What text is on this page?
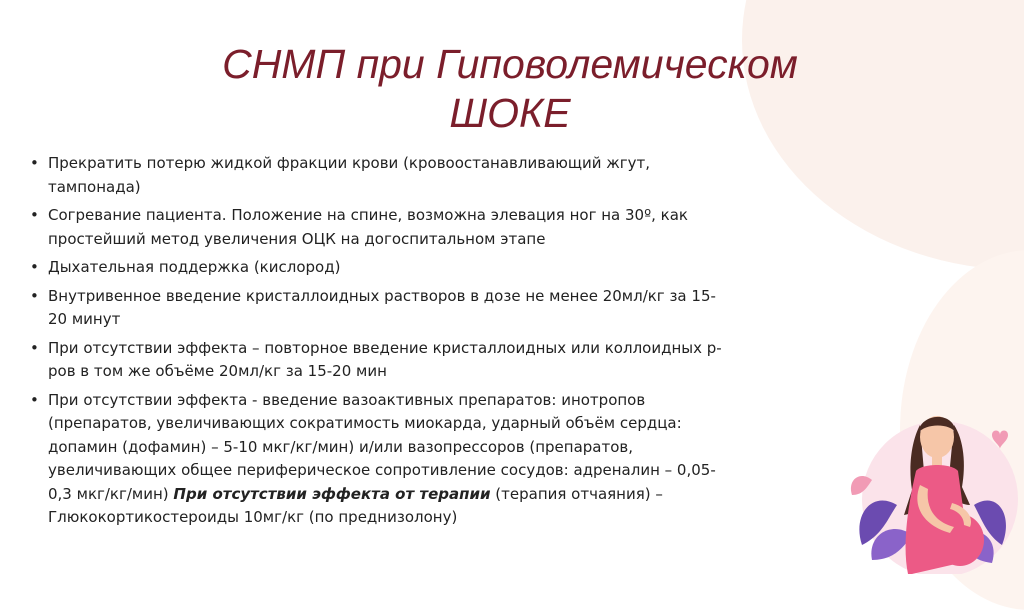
СНМП при Гиповолемическом
ШОКЕ
• Прекратить потерю жидкой фракции крови (кровоостанавливающий жгут, тампонада)
• Согревание пациента. Положение на спине, возможна элевация ног на 30º, как простейший метод увеличения ОЦК на догоспитальном этапе
• Дыхательная поддержка (кислород)
• Внутривенное введение кристаллоидных растворов в дозе не менее 20мл/кг за 15-20 минут
• При отсутствии эффекта – повторное введение кристаллоидных или коллоидных р-ров в том же объёме 20мл/кг за 15-20 мин
• При отсутствии эффекта - введение вазоактивных препаратов: инотропов (препаратов, увеличивающих сократимость миокарда, ударный объём сердца: допамин (дофамин) – 5-10 мкг/кг/мин) и/или вазопрессоров (препаратов, увеличивающих общее периферическое сопротивление сосудов: адреналин – 0,05-0,3 мкг/кг/мин) При отсутствии эффекта от терапии (терапия отчаяния) – Глюкокортикостероиды 10мг/кг (по преднизолону)
